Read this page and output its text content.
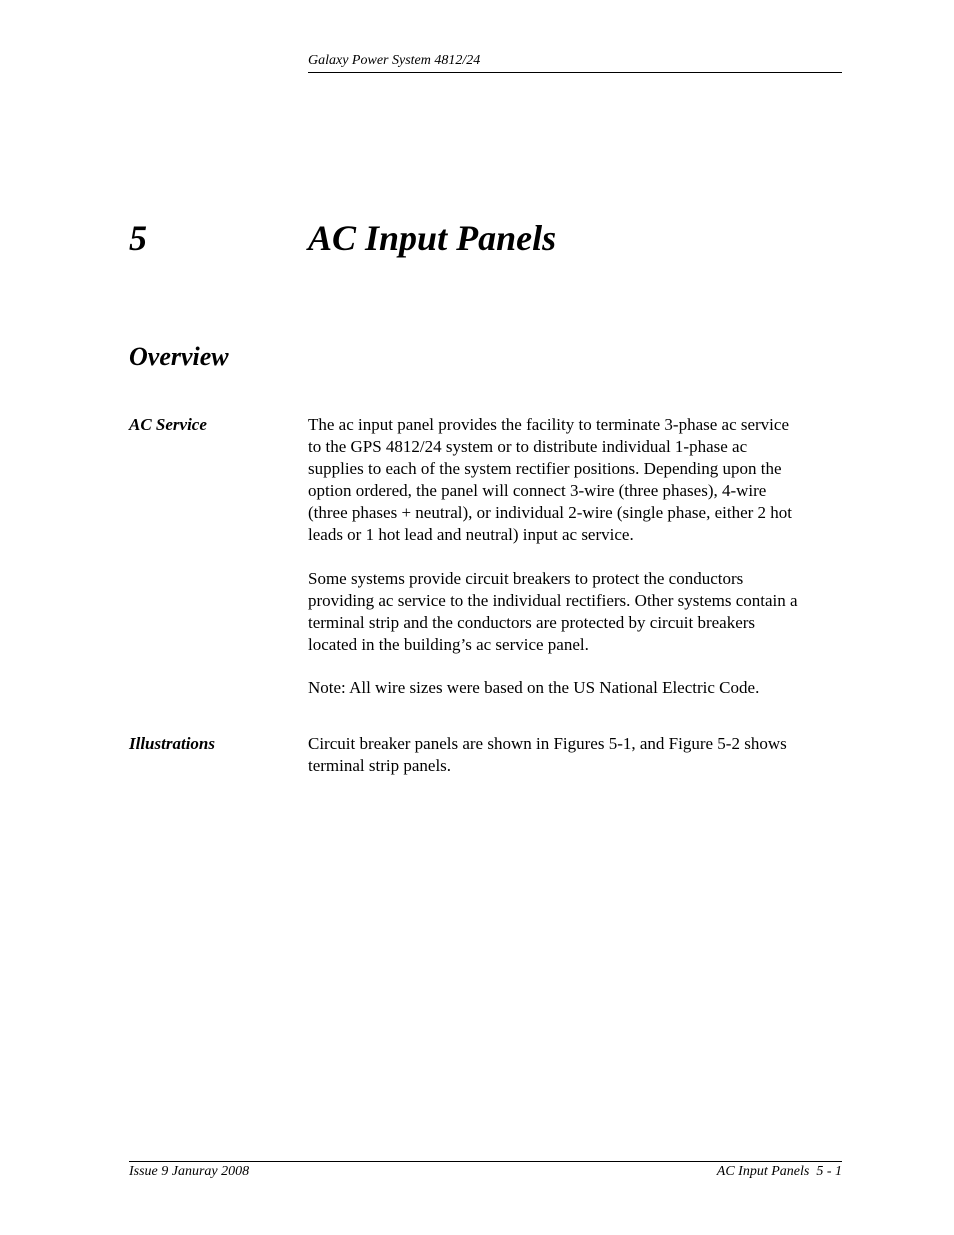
Galaxy Power System 4812/24
5	AC Input Panels
Overview
AC Service	The ac input panel provides the facility to terminate 3-phase ac service
to the GPS 4812/24 system or to distribute individual 1-phase ac
supplies to each of the system rectifier positions. Depending upon the
option ordered, the panel will connect 3-wire (three phases), 4-wire
(three phases + neutral), or individual 2-wire (single phase, either 2 hot
leads or 1 hot lead and neutral) input ac service.

Some systems provide circuit breakers to protect the conductors
providing ac service to the individual rectifiers. Other systems contain a
terminal strip and the conductors are protected by circuit breakers
located in the building’s ac service panel.

Note: All wire sizes were based on the US National Electric Code.

Illustrations	Circuit breaker panels are shown in Figures 5-1, and Figure 5-2 shows
terminal strip panels.

Issue 9 Januray 2008	AC Input Panels  5 - 1
